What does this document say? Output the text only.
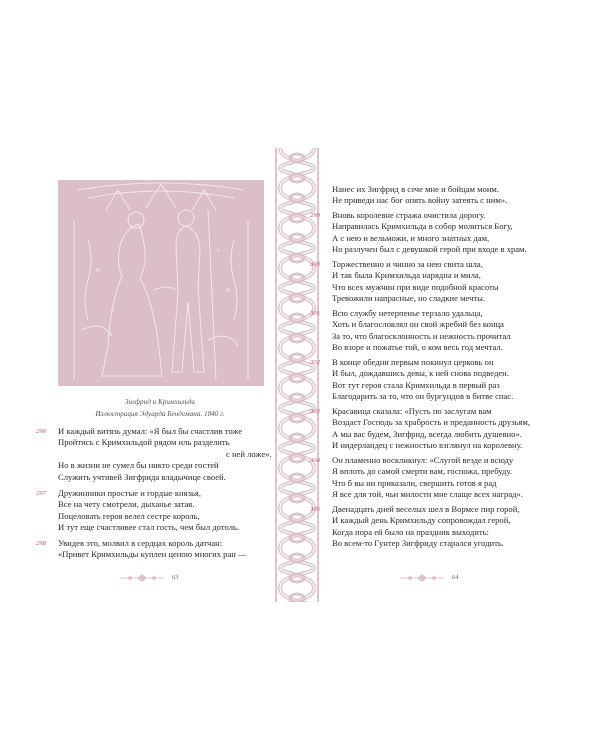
Зигфрид и Кримхильда
Иллюстрация Эдуарда Бендемана. 1840 г.
296 И каждый витязь думал: «Я был бы счастлив тоже
Пройтись с Кримхильдой рядом иль разделить
с ней ложе».
Но в жизни не сумел бы никто среди гостей
Служить учтивей Зигфрида владычице своей.
297 Дружинники простые и гордые князья,
Все на чету смотрели, дыханье затая.
Поцеловать героя велел сестре король,
И тут еще счастливее стал гость, чем был дотоль.
298 Увидев это, молвил в сердцах король датчан:
«Привет Кримхильды куплен ценою многих ран —
Нанес их Зигфрид в сече мне и бойцам моим.
Не приведи нас бог опять войну затеять с ним».
299 Вновь королевне стража очистила дорогу.
Направилась Кримхильда в собор молиться Богу,
А с нею и вельможи, и много знатных дам,
Но разлучен был с девушкой герой при входе в храм.
300 Торжественно и чинно за нею свита шла,
И так была Кримхильда нарядна и мила,
Что всех мужчин при виде подобной красоты
Тревожили напрасные, но сладкие мечты.
301 Всю службу нетерпенье терзало удальца,
Хоть и благословлял он свой жребий без конца
За то, что благосклонность и нежность прочитал
Во взоре и пожатье той, о ком весь год мечтал.
302 В конце обедни первым покинул церковь он
И был, дождавшись девы, к ней снова подведен.
Вот тут героя стала Кримхильда в первый раз
Благодарить за то, что он бургундов в битве спас.
303 Красавица сказала: «Пусть по заслугам вам
Воздаст Господь за храбрость и преданность друзьям,
А мы вас будем, Зигфрид, всегда любить душевно».
И нидерландец с нежностью взглянул на королевну.
304 Он пламенно воскликнул: «Слугой везде и всюду
Я вплоть до самой смерти вам, госпожа, пребуду.
Что б вы ни приказали, свершить готов я рад
Я все для той, чьи милости мне слаще всех наград».
305 Двенадцать дней веселых шел в Вормсе пир горой,
И каждый день Кримхильду сопровождал герой,
Когда пора ей было на праздник выходить:
Во всем-то Гунтер Зигфриду старался угодить.
63	64
